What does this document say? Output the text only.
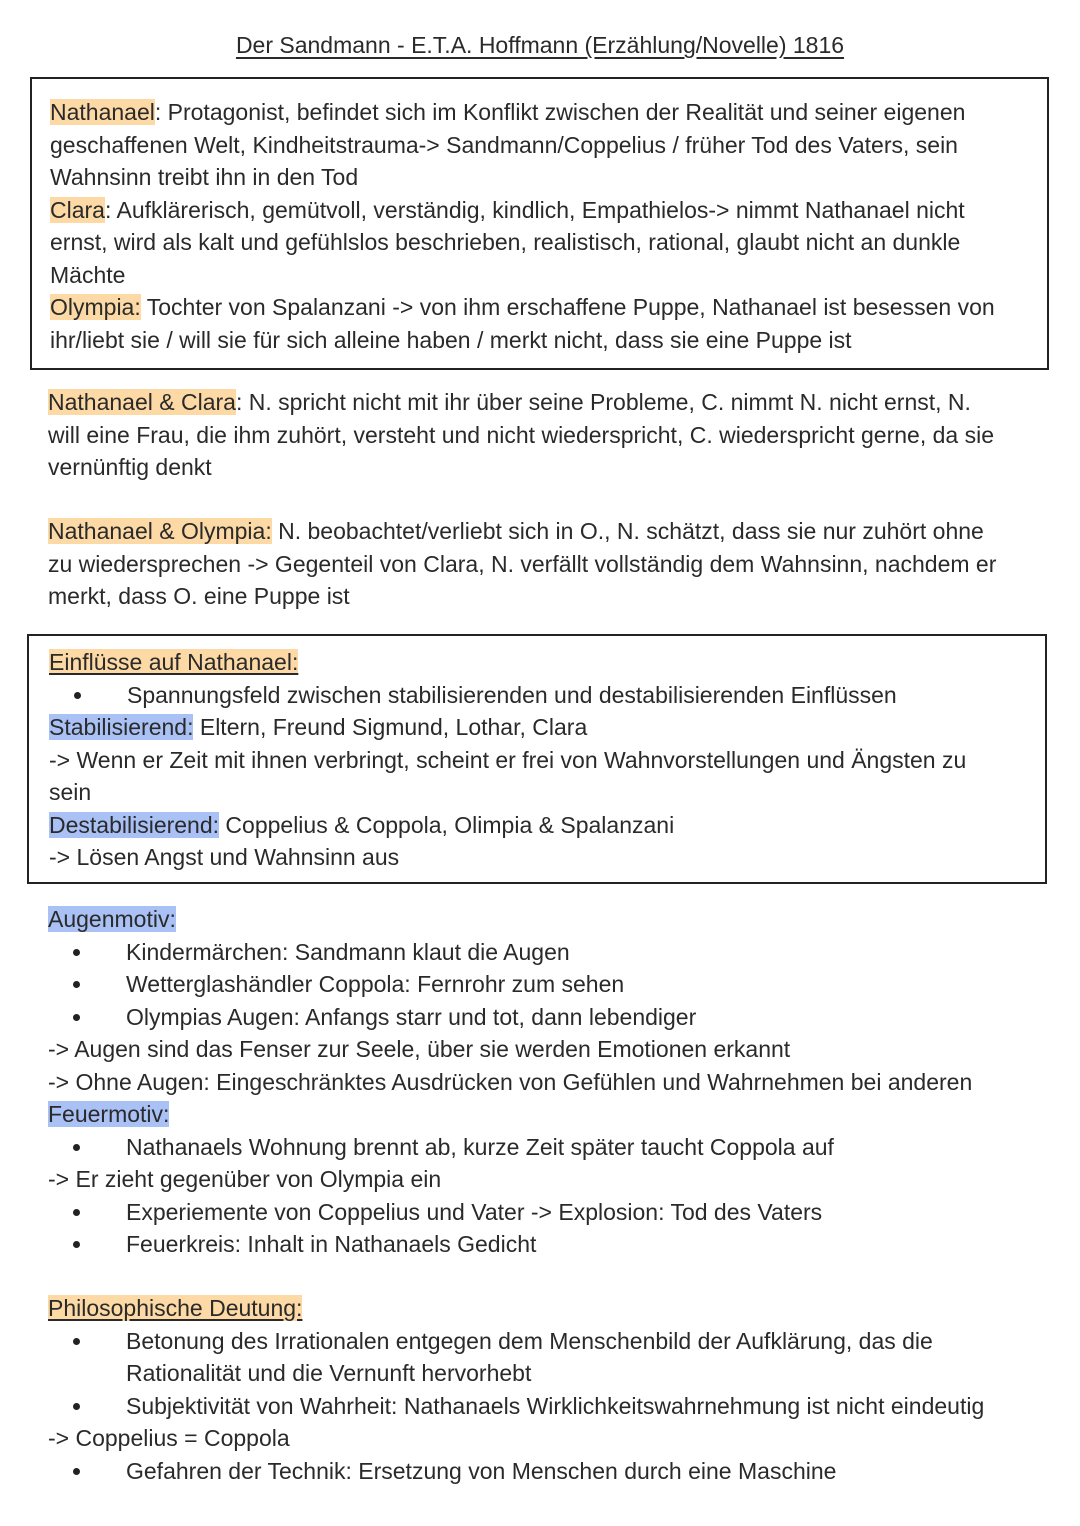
Der Sandmann - E.T.A. Hoffmann (Erzählung/Novelle) 1816
Nathanael: Protagonist, befindet sich im Konflikt zwischen der Realität und seiner eigenen
geschaffenen Welt, Kindheitstrauma-> Sandmann/Coppelius / früher Tod des Vaters, sein
Wahnsinn treibt ihn in den Tod
Clara: Aufklärerisch, gemütvoll, verständig, kindlich, Empathielos-> nimmt Nathanael nicht
ernst, wird als kalt und gefühlslos beschrieben, realistisch, rational, glaubt nicht an dunkle
Mächte
Olympia: Tochter von Spalanzani -> von ihm erschaffene Puppe, Nathanael ist besessen von
ihr/liebt sie / will sie für sich alleine haben / merkt nicht, dass sie eine Puppe ist
Nathanael & Clara: N. spricht nicht mit ihr über seine Probleme, C. nimmt N. nicht ernst, N.
will eine Frau, die ihm zuhört, versteht und nicht wiederspricht, C. wiederspricht gerne, da sie
vernünftig denkt
Nathanael & Olympia: N. beobachtet/verliebt sich in O., N. schätzt, dass sie nur zuhört ohne
zu wiedersprechen -> Gegenteil von Clara, N. verfällt vollständig dem Wahnsinn, nachdem er
merkt, dass O. eine Puppe ist
Einflüsse auf Nathanael:
Spannungsfeld zwischen stabilisierenden und destabilisierenden Einflüssen
Stabilisierend: Eltern, Freund Sigmund, Lothar, Clara
-> Wenn er Zeit mit ihnen verbringt, scheint er frei von Wahnvorstellungen und Ängsten zu
sein
Destabilisierend: Coppelius & Coppola, Olimpia & Spalanzani
-> Lösen Angst und Wahnsinn aus
Augenmotiv:
Kindermärchen: Sandmann klaut die Augen
Wetterglashändler Coppola: Fernrohr zum sehen
Olympias Augen: Anfangs starr und tot, dann lebendiger
-> Augen sind das Fenser zur Seele, über sie werden Emotionen erkannt
-> Ohne Augen: Eingeschränktes Ausdrücken von Gefühlen und Wahrnehmen bei anderen
Feuermotiv:
Nathanaels Wohnung brennt ab, kurze Zeit später taucht Coppola auf
-> Er zieht gegenüber von Olympia ein
Experiemente von Coppelius und Vater -> Explosion: Tod des Vaters
Feuerkreis: Inhalt in Nathanaels Gedicht
Philosophische Deutung:
Betonung des Irrationalen entgegen dem Menschenbild der Aufklärung, das die
Rationalität und die Vernunft hervorhebt
Subjektivität von Wahrheit: Nathanaels Wirklichkeitswahrnehmung ist nicht eindeutig
-> Coppelius = Coppola
Gefahren der Technik: Ersetzung von Menschen durch eine Maschine
